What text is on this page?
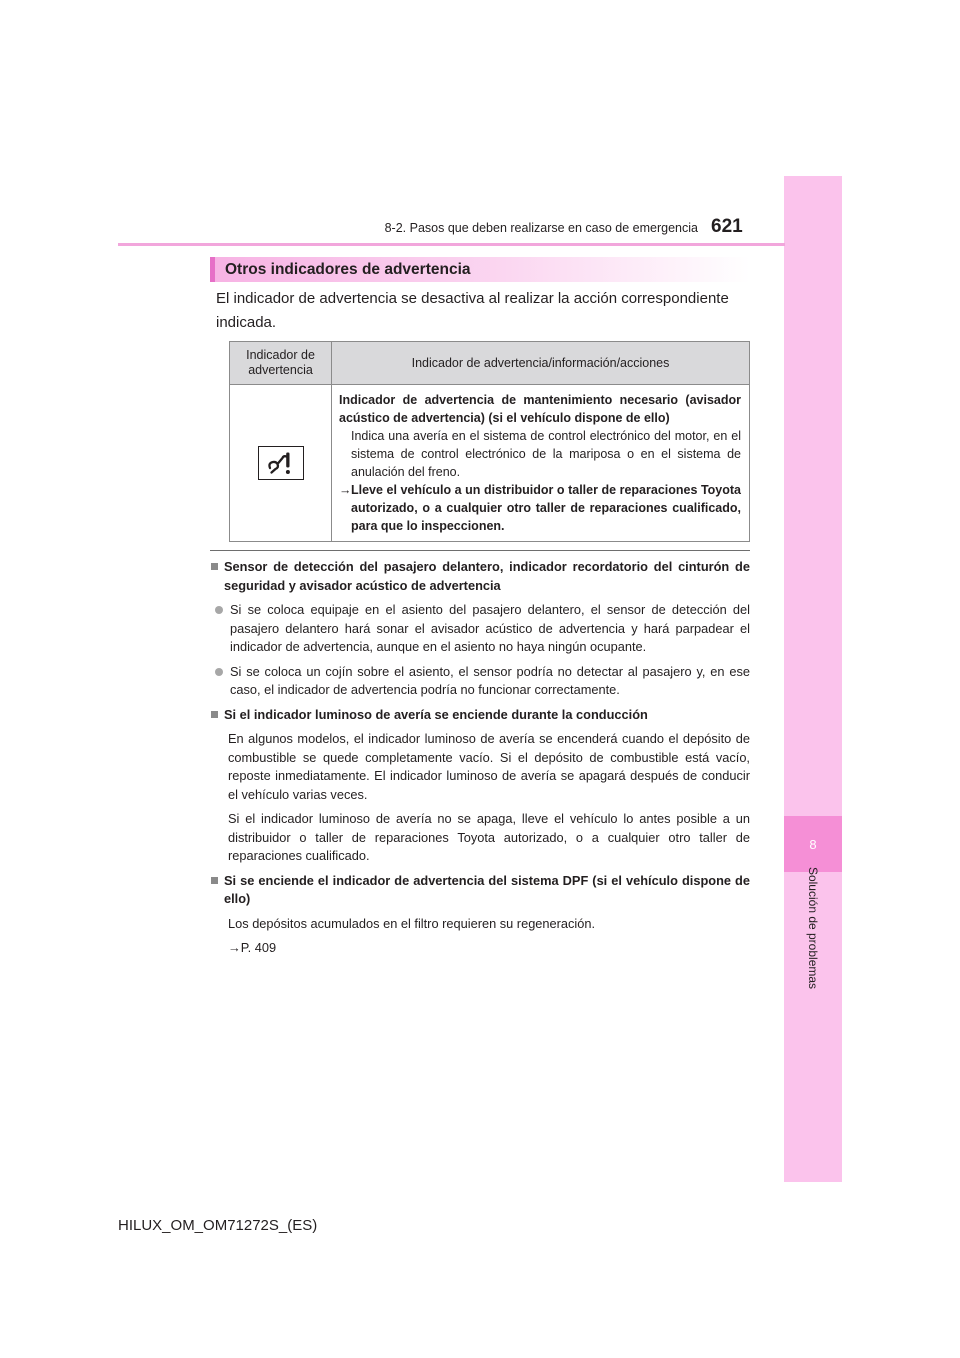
8
Solución de problemas
8-2. Pasos que deben realizarse en caso de emergencia 621
Otros indicadores de advertencia
El indicador de advertencia se desactiva al realizar la acción correspondiente indicada.
Indicador de advertencia	Indicador de advertencia/información/acciones

Indicador de advertencia de mantenimiento necesario (avisador acústico de advertencia) (si el vehículo dispone de ello)
Indica una avería en el sistema de control electrónico del motor, en el sistema de control electrónico de la mariposa o en el sistema de anulación del freno.
→ Lleve el vehículo a un distribuidor o taller de reparaciones Toyota autorizado, o a cualquier otro taller de reparaciones cualificado, para que lo inspeccionen.
Sensor de detección del pasajero delantero, indicador recordatorio del cinturón de seguridad y avisador acústico de advertencia
Si se coloca equipaje en el asiento del pasajero delantero, el sensor de detección del pasajero delantero hará sonar el avisador acústico de advertencia y hará parpadear el indicador de advertencia, aunque en el asiento no haya ningún ocupante.
Si se coloca un cojín sobre el asiento, el sensor podría no detectar al pasajero y, en ese caso, el indicador de advertencia podría no funcionar correctamente.
Si el indicador luminoso de avería se enciende durante la conducción
En algunos modelos, el indicador luminoso de avería se encenderá cuando el depósito de combustible se quede completamente vacío. Si el depósito de combustible está vacío, reposte inmediatamente. El indicador luminoso de avería se apagará después de conducir el vehículo varias veces.
Si el indicador luminoso de avería no se apaga, lleve el vehículo lo antes posible a un distribuidor o taller de reparaciones Toyota autorizado, o a cualquier otro taller de reparaciones cualificado.
Si se enciende el indicador de advertencia del sistema DPF (si el vehículo dispone de ello)
Los depósitos acumulados en el filtro requieren su regeneración.
→P. 409
HILUX_OM_OM71272S_(ES)
